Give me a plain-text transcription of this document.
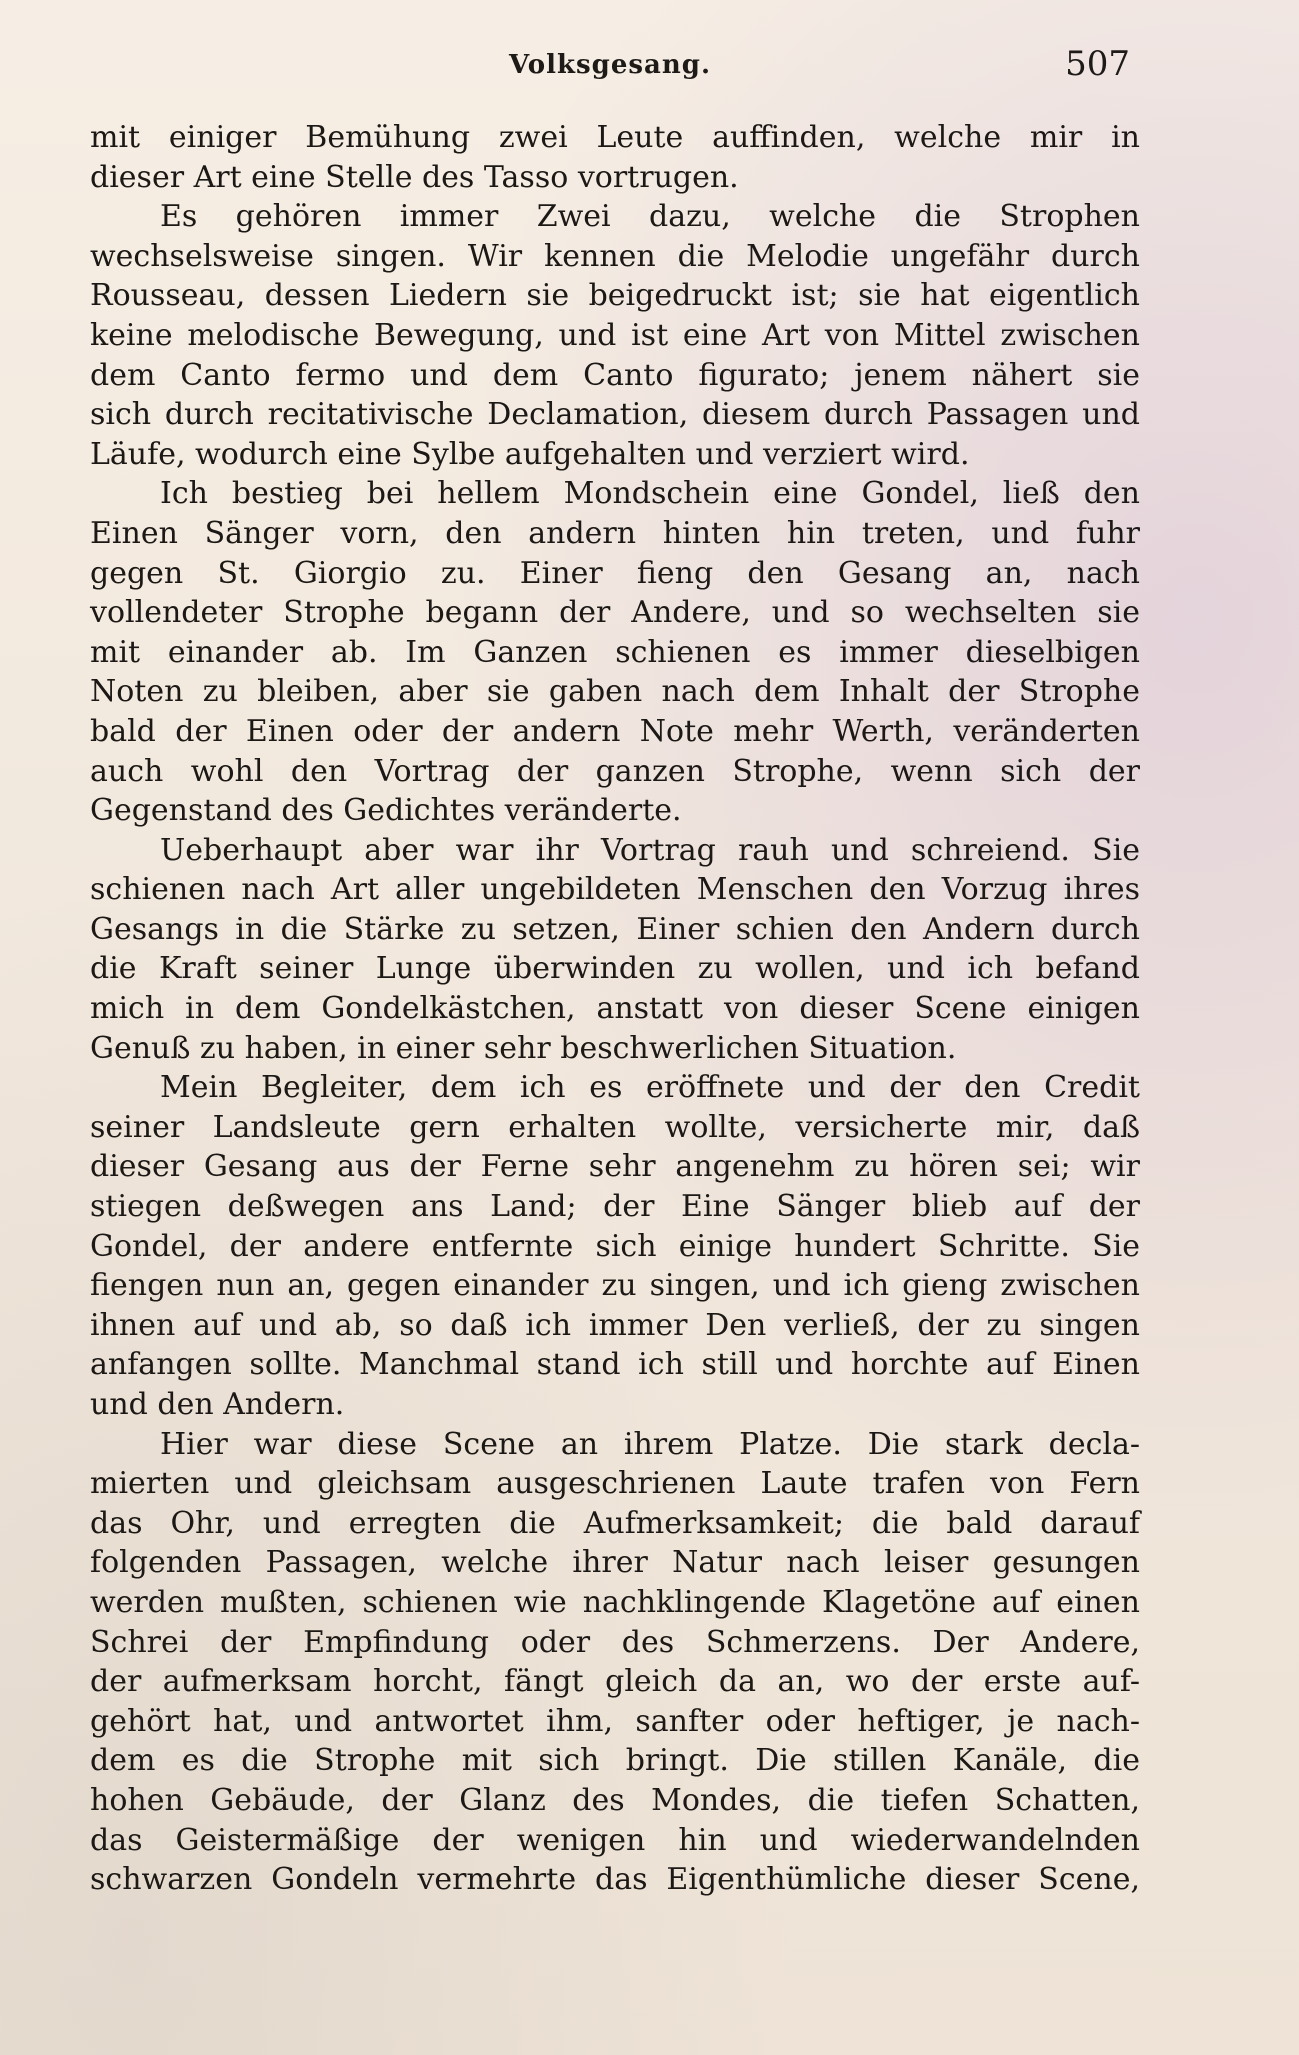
Volksgesang.	507
mit einiger Bemühung zwei Leute auffinden, welche mir in
dieser Art eine Stelle des Tasso vortrugen.
Es gehören immer Zwei dazu, welche die Strophen
wechselsweise singen. Wir kennen die Melodie ungefähr durch
Rousseau, dessen Liedern sie beigedruckt ist; sie hat eigentlich
keine melodische Bewegung, und ist eine Art von Mittel zwischen
dem Canto fermo und dem Canto figurato; jenem nähert sie
sich durch recitativische Declamation, diesem durch Passagen und
Läufe, wodurch eine Sylbe aufgehalten und verziert wird.
Ich bestieg bei hellem Mondschein eine Gondel, ließ den
Einen Sänger vorn, den andern hinten hin treten, und fuhr
gegen St. Giorgio zu. Einer fieng den Gesang an, nach
vollendeter Strophe begann der Andere, und so wechselten sie
mit einander ab. Im Ganzen schienen es immer dieselbigen
Noten zu bleiben, aber sie gaben nach dem Inhalt der Strophe
bald der Einen oder der andern Note mehr Werth, veränderten
auch wohl den Vortrag der ganzen Strophe, wenn sich der
Gegenstand des Gedichtes veränderte.
Ueberhaupt aber war ihr Vortrag rauh und schreiend. Sie
schienen nach Art aller ungebildeten Menschen den Vorzug ihres
Gesangs in die Stärke zu setzen, Einer schien den Andern durch
die Kraft seiner Lunge überwinden zu wollen, und ich befand
mich in dem Gondelkästchen, anstatt von dieser Scene einigen
Genuß zu haben, in einer sehr beschwerlichen Situation.
Mein Begleiter, dem ich es eröffnete und der den Credit
seiner Landsleute gern erhalten wollte, versicherte mir, daß
dieser Gesang aus der Ferne sehr angenehm zu hören sei; wir
stiegen deßwegen ans Land; der Eine Sänger blieb auf der
Gondel, der andere entfernte sich einige hundert Schritte. Sie
fiengen nun an, gegen einander zu singen, und ich gieng zwischen
ihnen auf und ab, so daß ich immer Den verließ, der zu singen
anfangen sollte. Manchmal stand ich still und horchte auf Einen
und den Andern.
Hier war diese Scene an ihrem Platze. Die stark decla-
mierten und gleichsam ausgeschrienen Laute trafen von Fern
das Ohr, und erregten die Aufmerksamkeit; die bald darauf
folgenden Passagen, welche ihrer Natur nach leiser gesungen
werden mußten, schienen wie nachklingende Klagetöne auf einen
Schrei der Empfindung oder des Schmerzens. Der Andere,
der aufmerksam horcht, fängt gleich da an, wo der erste auf-
gehört hat, und antwortet ihm, sanfter oder heftiger, je nach-
dem es die Strophe mit sich bringt. Die stillen Kanäle, die
hohen Gebäude, der Glanz des Mondes, die tiefen Schatten,
das Geistermäßige der wenigen hin und wiederwandelnden
schwarzen Gondeln vermehrte das Eigenthümliche dieser Scene,
